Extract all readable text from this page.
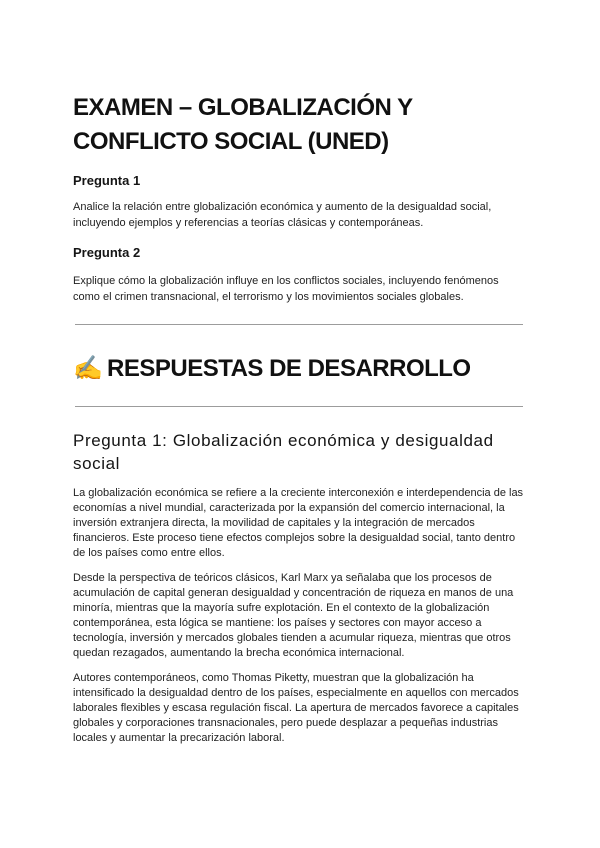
EXAMEN – GLOBALIZACIÓN Y CONFLICTO SOCIAL (UNED)
Pregunta 1

Analice la relación entre globalización económica y aumento de la desigualdad social,
incluyendo ejemplos y referencias a teorías clásicas y contemporáneas.

Pregunta 2

Explique cómo la globalización influye en los conflictos sociales, incluyendo fenómenos
como el crimen transnacional, el terrorismo y los movimientos sociales globales.

✍️ RESPUESTAS DE DESARROLLO
Pregunta 1: Globalización económica y desigualdad social

La globalización económica se refiere a la creciente interconexión e interdependencia de las
economías a nivel mundial, caracterizada por la expansión del comercio internacional, la
inversión extranjera directa, la movilidad de capitales y la integración de mercados
financieros. Este proceso tiene efectos complejos sobre la desigualdad social, tanto dentro
de los países como entre ellos.

Desde la perspectiva de teóricos clásicos, Karl Marx ya señalaba que los procesos de
acumulación de capital generan desigualdad y concentración de riqueza en manos de una
minoría, mientras que la mayoría sufre explotación. En el contexto de la globalización
contemporánea, esta lógica se mantiene: los países y sectores con mayor acceso a
tecnología, inversión y mercados globales tienden a acumular riqueza, mientras que otros
quedan rezagados, aumentando la brecha económica internacional.

Autores contemporáneos, como Thomas Piketty, muestran que la globalización ha
intensificado la desigualdad dentro de los países, especialmente en aquellos con mercados
laborales flexibles y escasa regulación fiscal. La apertura de mercados favorece a capitales
globales y corporaciones transnacionales, pero puede desplazar a pequeñas industrias
locales y aumentar la precarización laboral.
